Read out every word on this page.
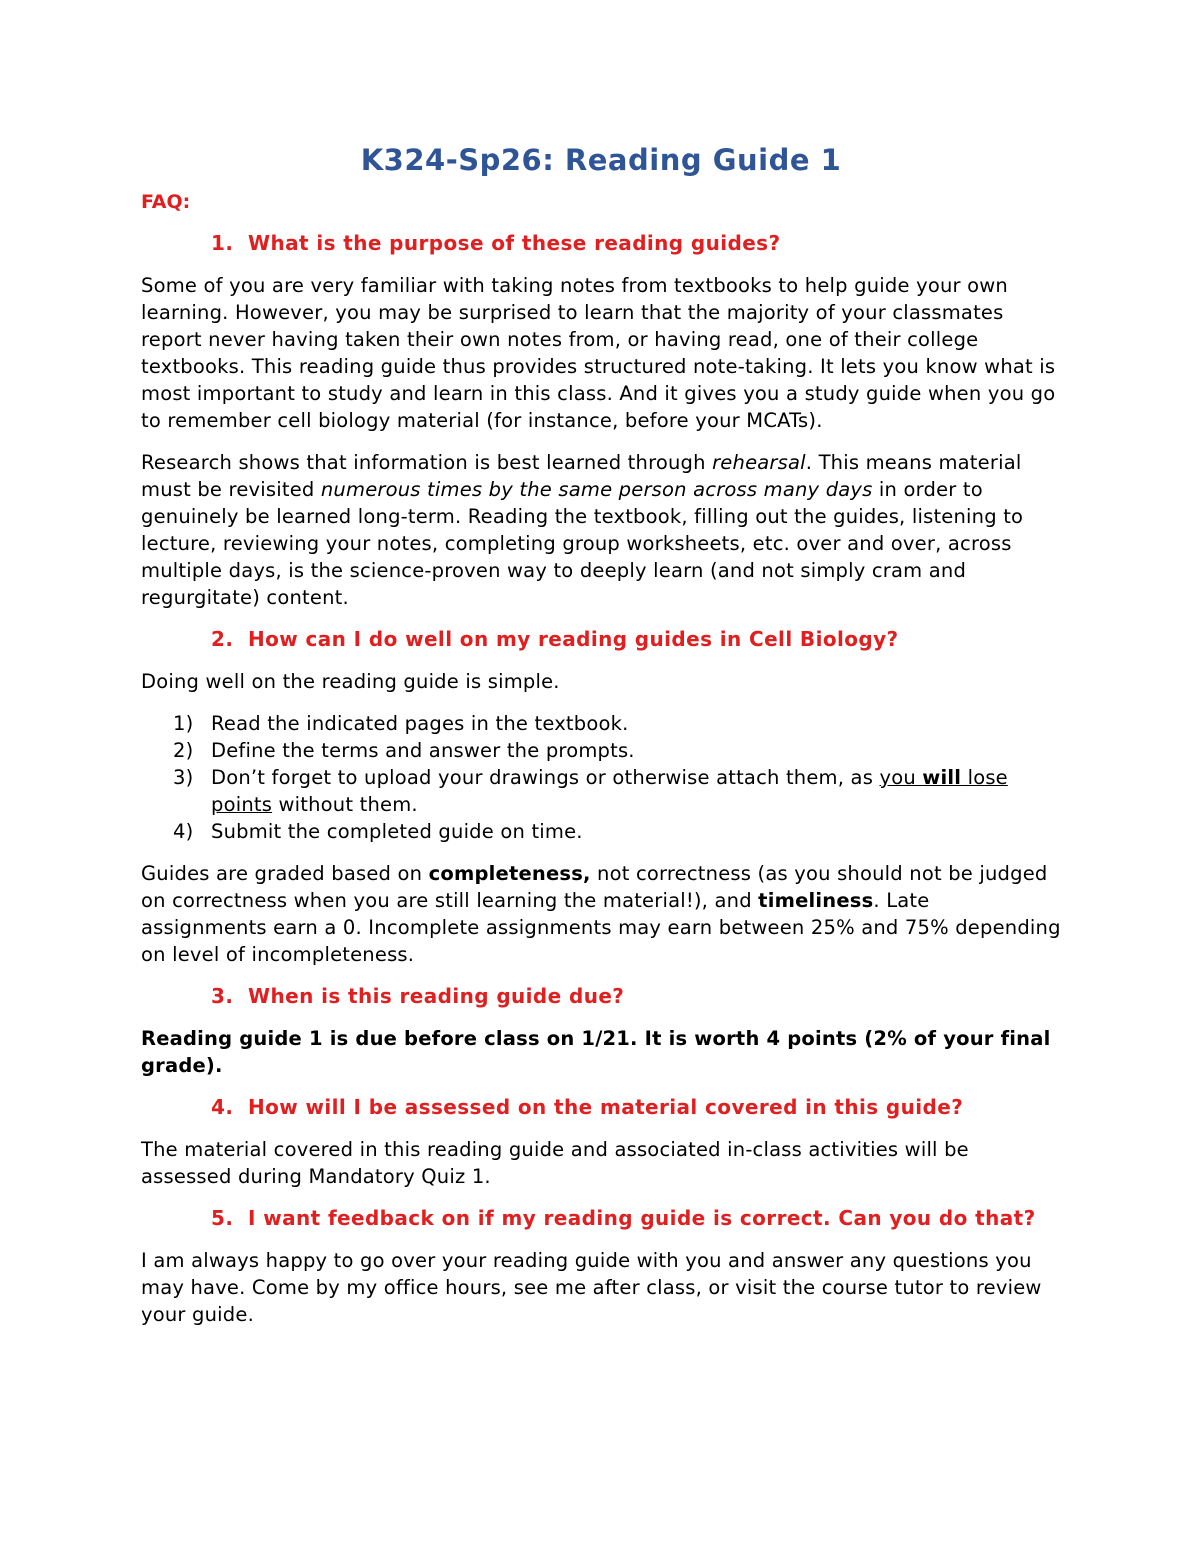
K324-Sp26: Reading Guide 1
FAQ:
1. What is the purpose of these reading guides?

Some of you are very familiar with taking notes from textbooks to help guide your own learning. However, you may be surprised to learn that the majority of your classmates report never having taken their own notes from, or having read, one of their college textbooks. This reading guide thus provides structured note-taking. It lets you know what is most important to study and learn in this class. And it gives you a study guide when you go to remember cell biology material (for instance, before your MCATs).

Research shows that information is best learned through rehearsal. This means material must be revisited numerous times by the same person across many days in order to genuinely be learned long-term. Reading the textbook, filling out the guides, listening to lecture, reviewing your notes, completing group worksheets, etc. over and over, across multiple days, is the science-proven way to deeply learn (and not simply cram and regurgitate) content.

2. How can I do well on my reading guides in Cell Biology?

Doing well on the reading guide is simple.

1) Read the indicated pages in the textbook.
2) Define the terms and answer the prompts.
3) Don’t forget to upload your drawings or otherwise attach them, as you will lose points without them.
4) Submit the completed guide on time.

Guides are graded based on completeness, not correctness (as you should not be judged on correctness when you are still learning the material!), and timeliness. Late assignments earn a 0. Incomplete assignments may earn between 25% and 75% depending on level of incompleteness.

3. When is this reading guide due?

Reading guide 1 is due before class on 1/21. It is worth 4 points (2% of your final grade).

4. How will I be assessed on the material covered in this guide?

The material covered in this reading guide and associated in-class activities will be assessed during Mandatory Quiz 1.

5. I want feedback on if my reading guide is correct. Can you do that?

I am always happy to go over your reading guide with you and answer any questions you may have. Come by my office hours, see me after class, or visit the course tutor to review your guide.
